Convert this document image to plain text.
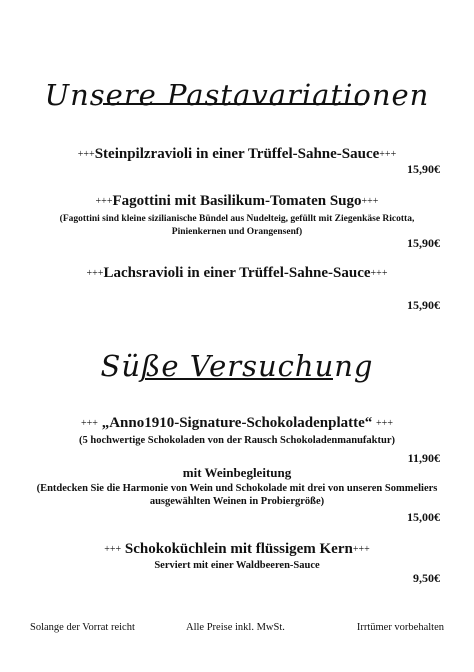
Unsere Pastavariationen
+++Steinpilzravioli in einer Trüffel-Sahne-Sauce+++
15,90€
+++Fagottini mit Basilikum-Tomaten Sugo+++
(Fagottini sind kleine sizilianische Bündel aus Nudelteig, gefüllt mit Ziegenkäse Ricotta, Pinienkernen und Orangensenf)
15,90€
+++Lachsravioli in einer Trüffel-Sahne-Sauce+++
15,90€
Süße Versuchung
+++ „Anno1910-Signature-Schokoladenplatte“ +++
(5 hochwertige Schokoladen von der Rausch Schokoladenmanufaktur)
11,90€
mit Weinbegleitung
(Entdecken Sie die Harmonie von Wein und Schokolade mit drei von unseren Sommeliers ausgewählten Weinen in Probiergröße)
15,00€
+++ Schokoküchlein mit flüssigem Kern+++
Serviert mit einer Waldbeeren-Sauce
9,50€
Solange der Vorrat reicht	Alle Preise inkl. MwSt.	Irrtümer vorbehalten
